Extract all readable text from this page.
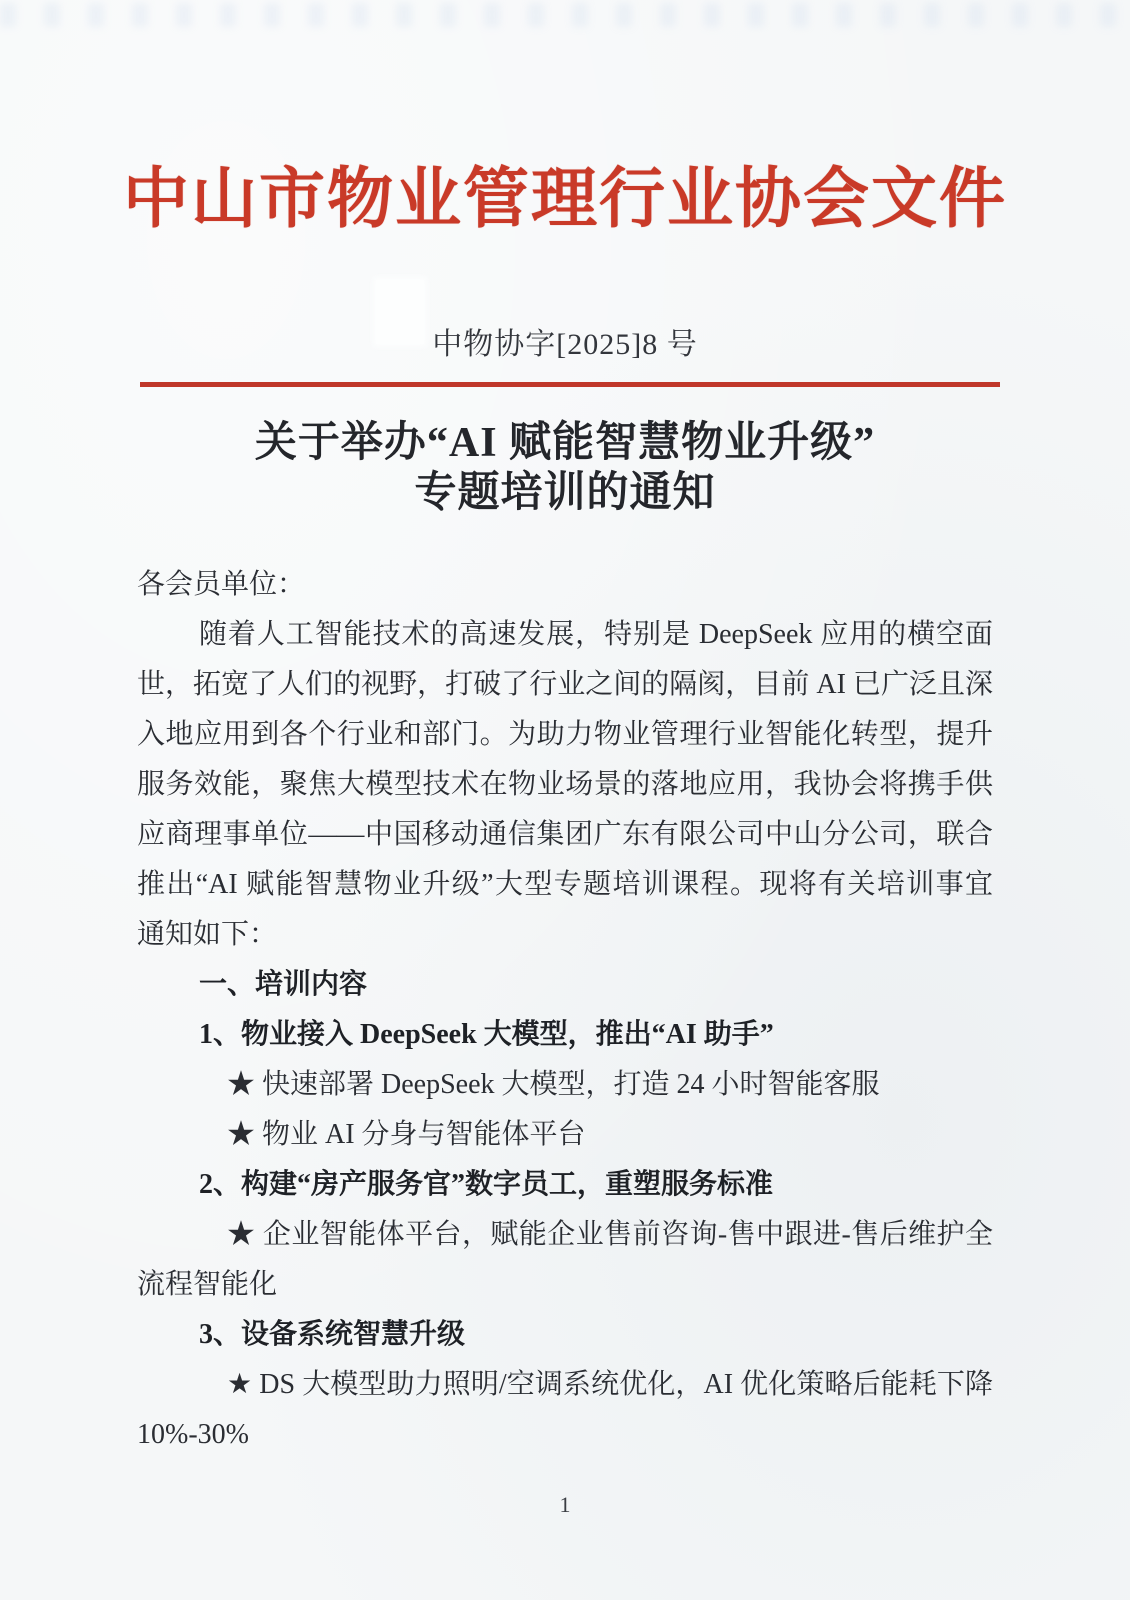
中山市物业管理行业协会文件
中物协字[2025]8 号
关于举办“AI 赋能智慧物业升级”
专题培训的通知
各会员单位：
随着人工智能技术的高速发展，特别是 DeepSeek 应用的横空面
世，拓宽了人们的视野，打破了行业之间的隔阂，目前 AI 已广泛且深
入地应用到各个行业和部门。为助力物业管理行业智能化转型，提升
服务效能，聚焦大模型技术在物业场景的落地应用，我协会将携手供
应商理事单位——中国移动通信集团广东有限公司中山分公司，联合
推出“AI 赋能智慧物业升级”大型专题培训课程。现将有关培训事宜
通知如下：
一、培训内容
1、物业接入 DeepSeek 大模型，推出“AI 助手”
★ 快速部署 DeepSeek 大模型，打造 24 小时智能客服
★ 物业 AI 分身与智能体平台
2、构建“房产服务官”数字员工，重塑服务标准
★ 企业智能体平台，赋能企业售前咨询-售中跟进-售后维护全
流程智能化
3、设备系统智慧升级
★ DS 大模型助力照明/空调系统优化，AI 优化策略后能耗下降
10%-30%
1
